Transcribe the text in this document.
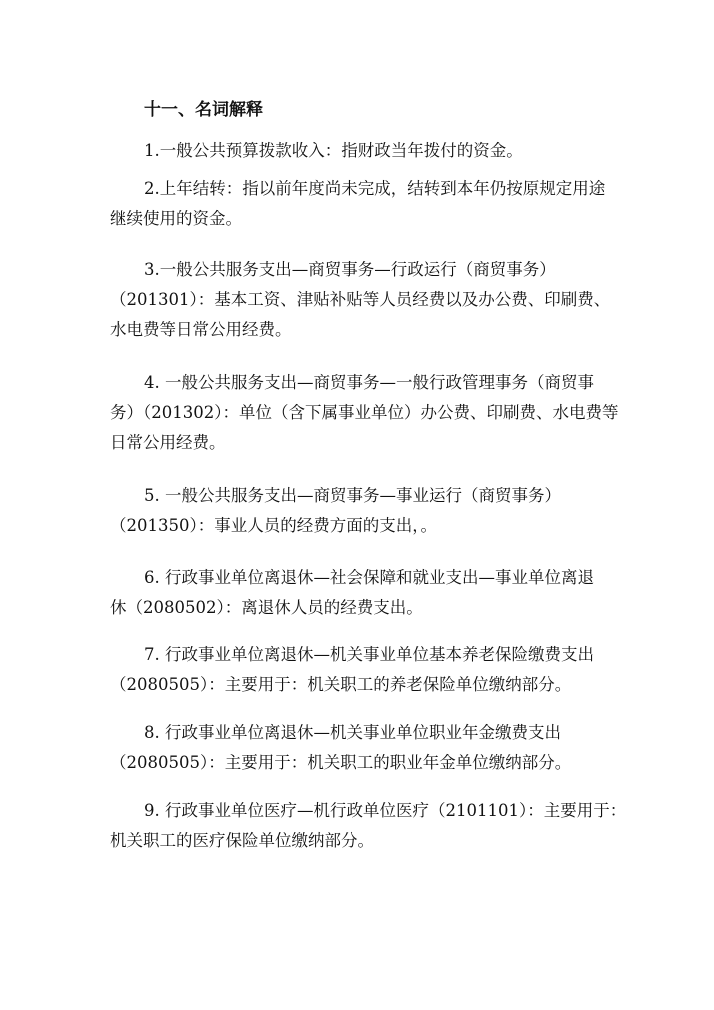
十一、名词解释
1.一般公共预算拨款收入：指财政当年拨付的资金。
2.上年结转：指以前年度尚未完成，结转到本年仍按原规定用途
继续使用的资金。
3.一般公共服务支出—商贸事务—行政运行（商贸事务）
（201301）：基本工资、津贴补贴等人员经费以及办公费、印刷费、
水电费等日常公用经费。
4. 一般公共服务支出—商贸事务—一般行政管理事务（商贸事
务）（201302）：单位（含下属事业单位）办公费、印刷费、水电费等
日常公用经费。
5. 一般公共服务支出—商贸事务—事业运行（商贸事务）
（201350）：事业人员的经费方面的支出，。
6. 行政事业单位离退休—社会保障和就业支出—事业单位离退
休（2080502）：离退休人员的经费支出。
7. 行政事业单位离退休—机关事业单位基本养老保险缴费支出
（2080505）：主要用于：机关职工的养老保险单位缴纳部分。
8. 行政事业单位离退休—机关事业单位职业年金缴费支出
（2080505）：主要用于：机关职工的职业年金单位缴纳部分。
9. 行政事业单位医疗—机行政单位医疗（2101101）：主要用于：
机关职工的医疗保险单位缴纳部分。
